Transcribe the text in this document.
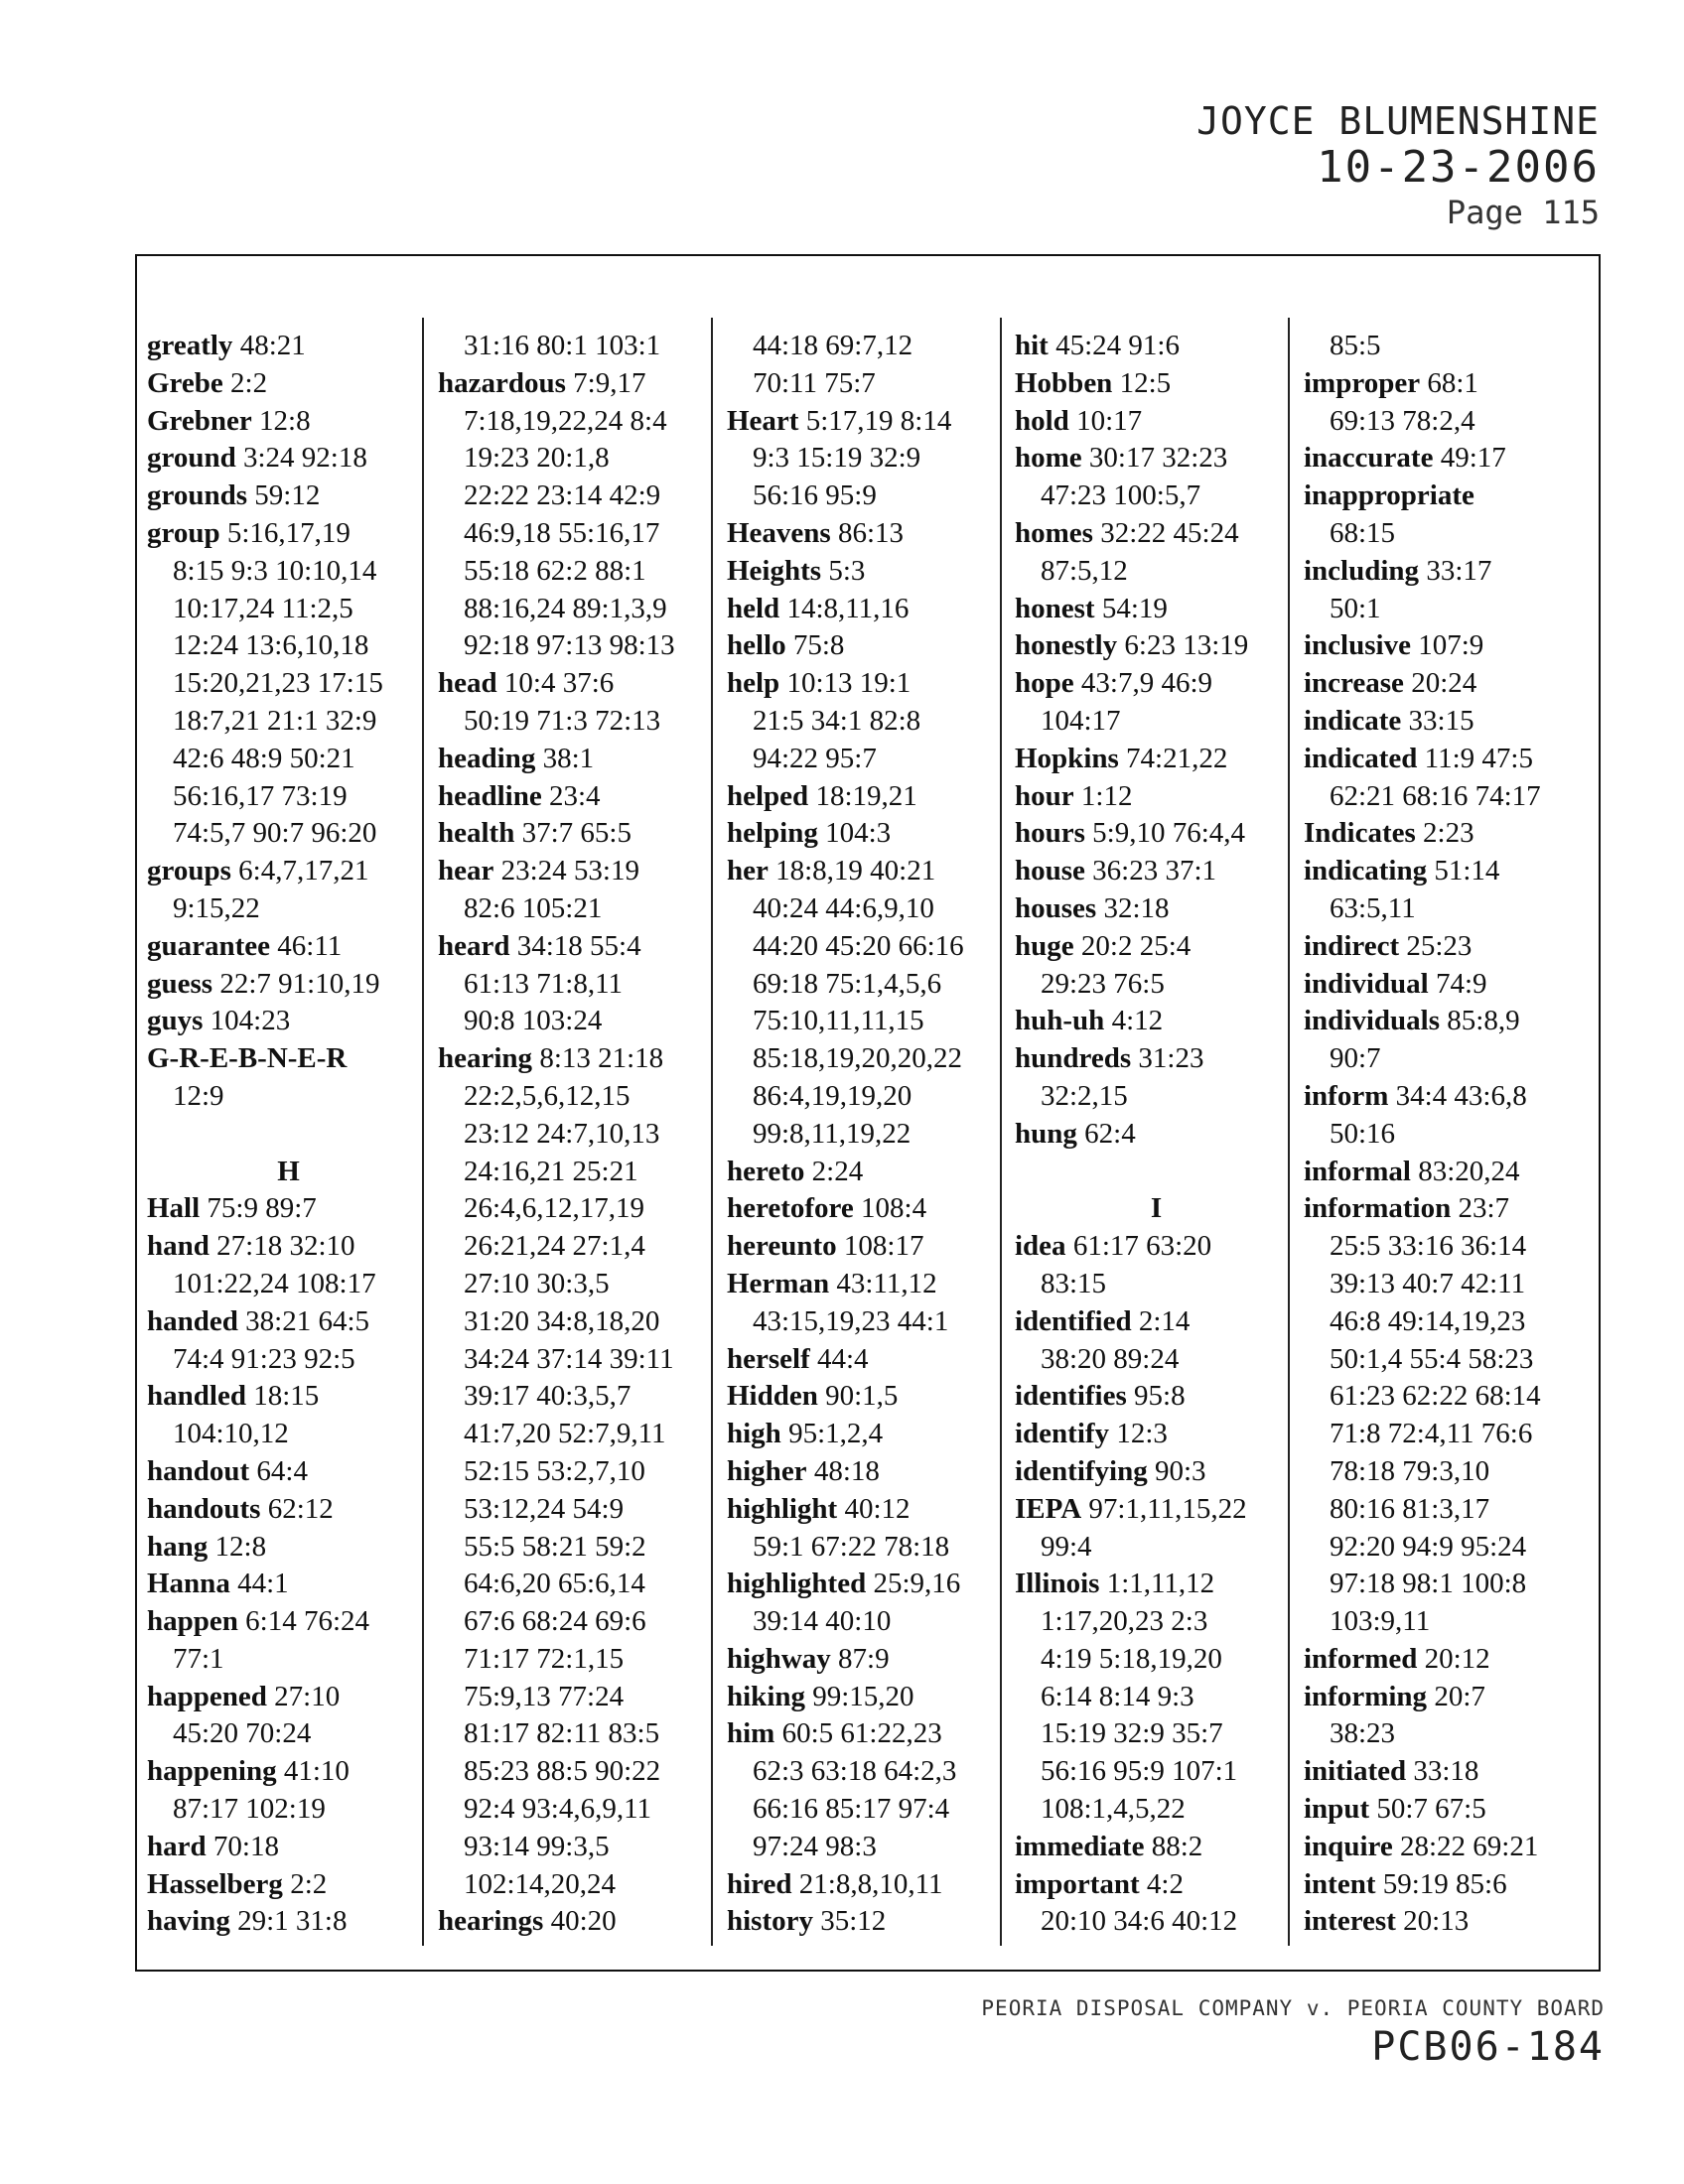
JOYCE BLUMENSHINE
10-23-2006
Page 115
greatly 48:21
Grebe 2:2
Grebner 12:8
ground 3:24 92:18
grounds 59:12
group 5:16,17,19
8:15 9:3 10:10,14
10:17,24 11:2,5
12:24 13:6,10,18
15:20,21,23 17:15
18:7,21 21:1 32:9
42:6 48:9 50:21
56:16,17 73:19
74:5,7 90:7 96:20
groups 6:4,7,17,21
9:15,22
guarantee 46:11
guess 22:7 91:10,19
guys 104:23
G-R-E-B-N-E-R
12:9
H
Hall 75:9 89:7
hand 27:18 32:10
101:22,24 108:17
handed 38:21 64:5
74:4 91:23 92:5
handled 18:15
104:10,12
handout 64:4
handouts 62:12
hang 12:8
Hanna 44:1
happen 6:14 76:24
77:1
happened 27:10
45:20 70:24
happening 41:10
87:17 102:19
hard 70:18
Hasselberg 2:2
having 29:1 31:8
31:16 80:1 103:1
hazardous 7:9,17
7:18,19,22,24 8:4
19:23 20:1,8
22:22 23:14 42:9
46:9,18 55:16,17
55:18 62:2 88:1
88:16,24 89:1,3,9
92:18 97:13 98:13
head 10:4 37:6
50:19 71:3 72:13
heading 38:1
headline 23:4
health 37:7 65:5
hear 23:24 53:19
82:6 105:21
heard 34:18 55:4
61:13 71:8,11
90:8 103:24
hearing 8:13 21:18
22:2,5,6,12,15
23:12 24:7,10,13
24:16,21 25:21
26:4,6,12,17,19
26:21,24 27:1,4
27:10 30:3,5
31:20 34:8,18,20
34:24 37:14 39:11
39:17 40:3,5,7
41:7,20 52:7,9,11
52:15 53:2,7,10
53:12,24 54:9
55:5 58:21 59:2
64:6,20 65:6,14
67:6 68:24 69:6
71:17 72:1,15
75:9,13 77:24
81:17 82:11 83:5
85:23 88:5 90:22
92:4 93:4,6,9,11
93:14 99:3,5
102:14,20,24
hearings 40:20
44:18 69:7,12
70:11 75:7
Heart 5:17,19 8:14
9:3 15:19 32:9
56:16 95:9
Heavens 86:13
Heights 5:3
held 14:8,11,16
hello 75:8
help 10:13 19:1
21:5 34:1 82:8
94:22 95:7
helped 18:19,21
helping 104:3
her 18:8,19 40:21
40:24 44:6,9,10
44:20 45:20 66:16
69:18 75:1,4,5,6
75:10,11,11,15
85:18,19,20,20,22
86:4,19,19,20
99:8,11,19,22
hereto 2:24
heretofore 108:4
hereunto 108:17
Herman 43:11,12
43:15,19,23 44:1
herself 44:4
Hidden 90:1,5
high 95:1,2,4
higher 48:18
highlight 40:12
59:1 67:22 78:18
highlighted 25:9,16
39:14 40:10
highway 87:9
hiking 99:15,20
him 60:5 61:22,23
62:3 63:18 64:2,3
66:16 85:17 97:4
97:24 98:3
hired 21:8,8,10,11
history 35:12
hit 45:24 91:6
Hobben 12:5
hold 10:17
home 30:17 32:23
47:23 100:5,7
homes 32:22 45:24
87:5,12
honest 54:19
honestly 6:23 13:19
hope 43:7,9 46:9
104:17
Hopkins 74:21,22
hour 1:12
hours 5:9,10 76:4,4
house 36:23 37:1
houses 32:18
huge 20:2 25:4
29:23 76:5
huh-uh 4:12
hundreds 31:23
32:2,15
hung 62:4
I
idea 61:17 63:20
83:15
identified 2:14
38:20 89:24
identifies 95:8
identify 12:3
identifying 90:3
IEPA 97:1,11,15,22
99:4
Illinois 1:1,11,12
1:17,20,23 2:3
4:19 5:18,19,20
6:14 8:14 9:3
15:19 32:9 35:7
56:16 95:9 107:1
108:1,4,5,22
immediate 88:2
important 4:2
20:10 34:6 40:12
85:5
improper 68:1
69:13 78:2,4
inaccurate 49:17
inappropriate
68:15
including 33:17
50:1
inclusive 107:9
increase 20:24
indicate 33:15
indicated 11:9 47:5
62:21 68:16 74:17
Indicates 2:23
indicating 51:14
63:5,11
indirect 25:23
individual 74:9
individuals 85:8,9
90:7
inform 34:4 43:6,8
50:16
informal 83:20,24
information 23:7
25:5 33:16 36:14
39:13 40:7 42:11
46:8 49:14,19,23
50:1,4 55:4 58:23
61:23 62:22 68:14
71:8 72:4,11 76:6
78:18 79:3,10
80:16 81:3,17
92:20 94:9 95:24
97:18 98:1 100:8
103:9,11
informed 20:12
informing 20:7
38:23
initiated 33:18
input 50:7 67:5
inquire 28:22 69:21
intent 59:19 85:6
interest 20:13
PEORIA DISPOSAL COMPANY v. PEORIA COUNTY BOARD
PCB06-184
